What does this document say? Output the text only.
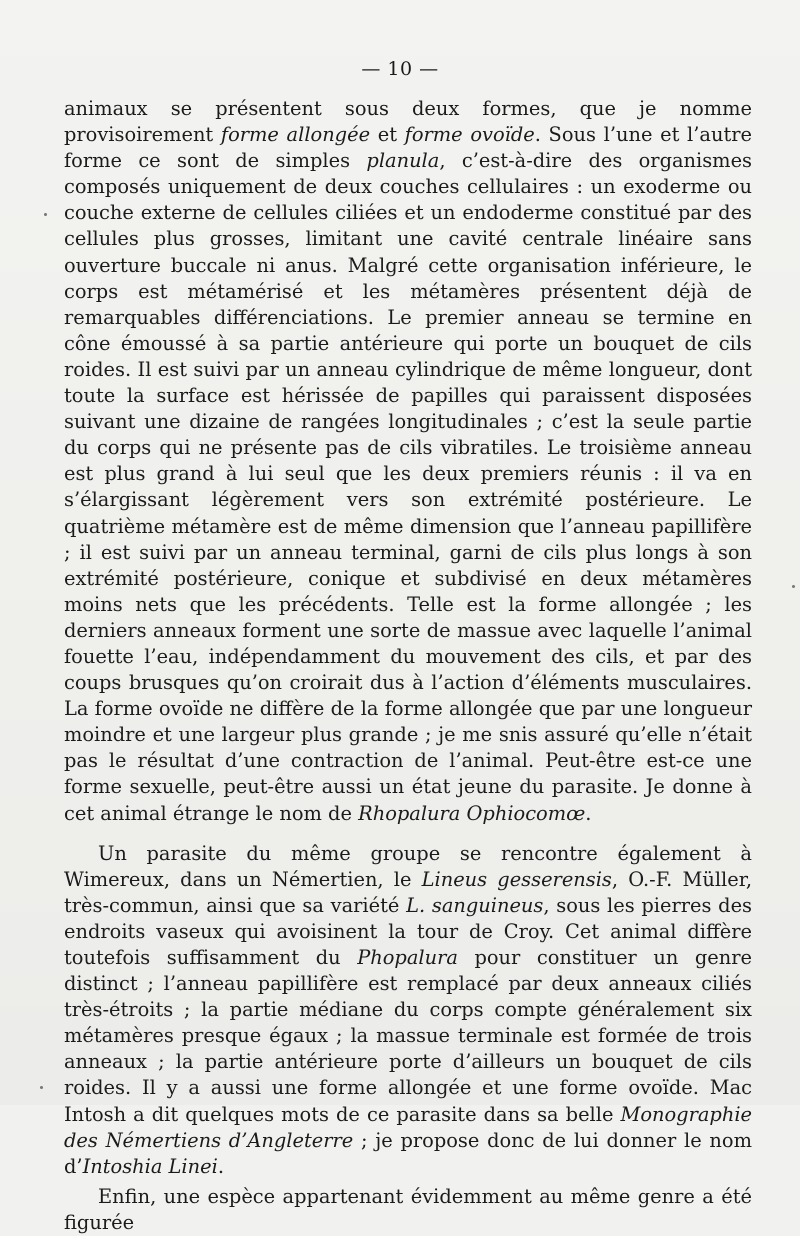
— 10 —

animaux se présentent sous deux formes, que je nomme provisoirement forme allongée et forme ovoïde. Sous l’une et l’autre forme ce sont de simples planula, c’est-à-dire des organismes composés uniquement de deux couches cellulaires : un exoderme ou couche externe de cellules ciliées et un endoderme constitué par des cellules plus grosses, limitant une cavité centrale linéaire sans ouverture buccale ni anus. Malgré cette organisation inférieure, le corps est métamérisé et les métamères présentent déjà de remarquables différenciations. Le premier anneau se termine en cône émoussé à sa partie antérieure qui porte un bouquet de cils roides. Il est suivi par un anneau cylindrique de même longueur, dont toute la surface est hérissée de papilles qui paraissent disposées suivant une dizaine de rangées longitudinales ; c’est la seule partie du corps qui ne présente pas de cils vibratiles. Le troisième anneau est plus grand à lui seul que les deux premiers réunis : il va en s’élargissant légèrement vers son extrémité postérieure. Le quatrième métamère est de même dimension que l’anneau papillifère ; il est suivi par un anneau terminal, garni de cils plus longs à son extrémité postérieure, conique et subdivisé en deux métamères moins nets que les précédents. Telle est la forme allongée ; les derniers anneaux forment une sorte de massue avec laquelle l’animal fouette l’eau, indépendamment du mouvement des cils, et par des coups brusques qu’on croirait dus à l’action d’éléments musculaires. La forme ovoïde ne diffère de la forme allongée que par une longueur moindre et une largeur plus grande ; je me snis assuré qu’elle n’était pas le résultat d’une contraction de l’animal. Peut-être est-ce une forme sexuelle, peut-être aussi un état jeune du parasite. Je donne à cet animal étrange le nom de Rhopalura Ophiocomœ.

Un parasite du même groupe se rencontre également à Wimereux, dans un Némertien, le Lineus gesserensis, O.-F. Müller, très-commun, ainsi que sa variété L. sanguineus, sous les pierres des endroits vaseux qui avoisinent la tour de Croy. Cet animal diffère toutefois suffisamment du Phopalura pour constituer un genre distinct ; l’anneau papillifère est remplacé par deux anneaux ciliés très-étroits ; la partie médiane du corps compte généralement six métamères presque égaux ; la massue terminale est formée de trois anneaux ; la partie antérieure porte d’ailleurs un bouquet de cils roides. Il y a aussi une forme allongée et une forme ovoïde. Mac Intosh a dit quelques mots de ce parasite dans sa belle Monographie des Némertiens d’Angleterre ; je propose donc de lui donner le nom d’Intoshia Linei.

Enfin, une espèce appartenant évidemment au même genre a été figurée
